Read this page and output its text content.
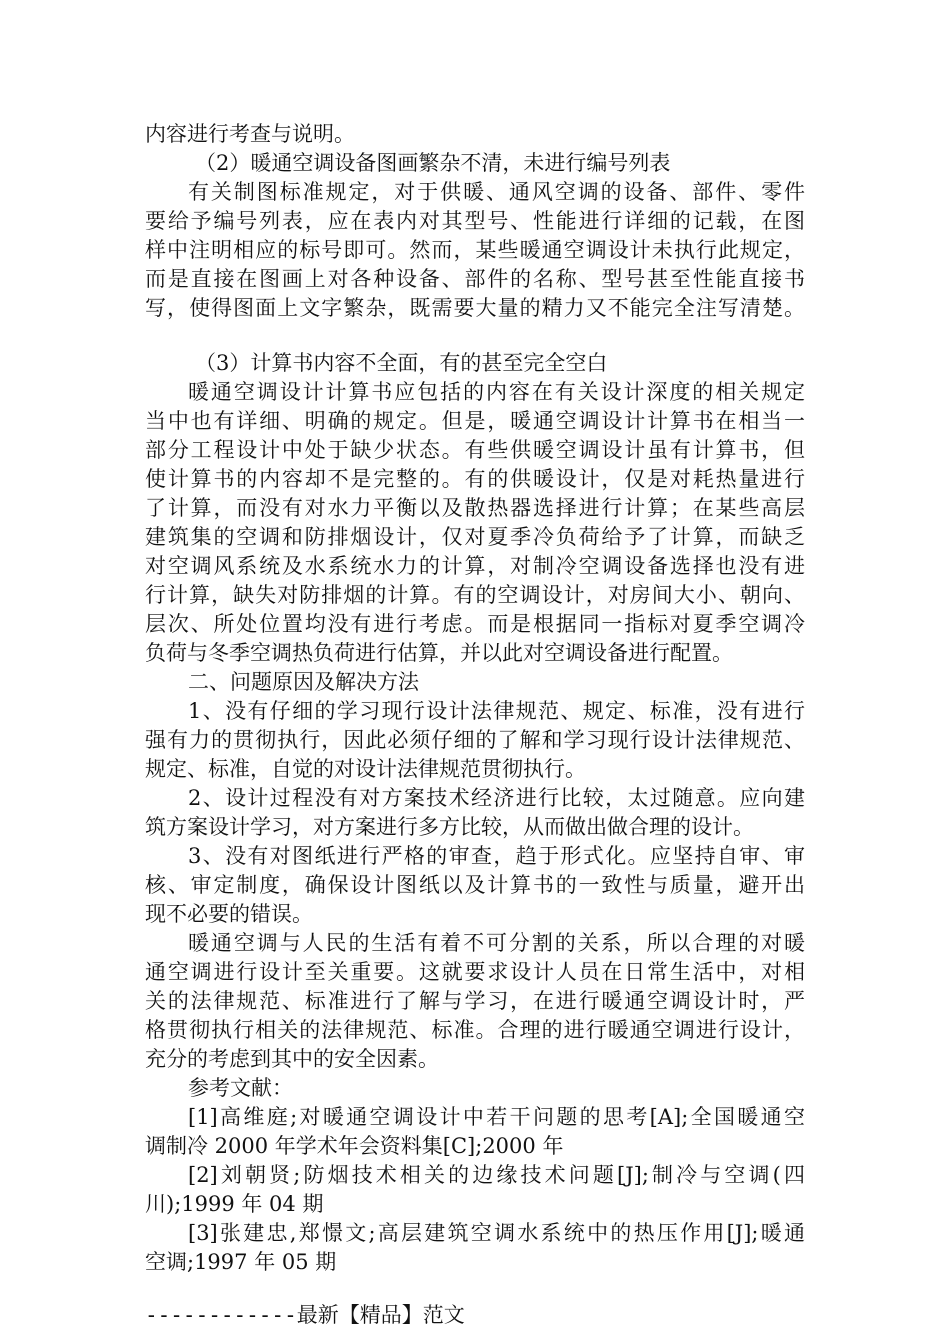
内容进行考查与说明。
（2）暖通空调设备图画繁杂不清，未进行编号列表
有关制图标准规定，对于供暖、通风空调的设备、部件、零件
要给予编号列表，应在表内对其型号、性能进行详细的记载，在图
样中注明相应的标号即可。然而，某些暖通空调设计未执行此规定，
而是直接在图画上对各种设备、部件的名称、型号甚至性能直接书
写，使得图面上文字繁杂，既需要大量的精力又不能完全注写清楚。
（3）计算书内容不全面，有的甚至完全空白
暖通空调设计计算书应包括的内容在有关设计深度的相关规定
当中也有详细、明确的规定。但是，暖通空调设计计算书在相当一
部分工程设计中处于缺少状态。有些供暖空调设计虽有计算书，但
使计算书的内容却不是完整的。有的供暖设计，仅是对耗热量进行
了计算，而没有对水力平衡以及散热器选择进行计算；在某些高层
建筑集的空调和防排烟设计，仅对夏季冷负荷给予了计算，而缺乏
对空调风系统及水系统水力的计算，对制冷空调设备选择也没有进
行计算，缺失对防排烟的计算。有的空调设计，对房间大小、朝向、
层次、所处位置均没有进行考虑。而是根据同一指标对夏季空调冷
负荷与冬季空调热负荷进行估算，并以此对空调设备进行配置。
二、问题原因及解决方法
1、没有仔细的学习现行设计法律规范、规定、标准，没有进行
强有力的贯彻执行，因此必须仔细的了解和学习现行设计法律规范、
规定、标准，自觉的对设计法律规范贯彻执行。
2、设计过程没有对方案技术经济进行比较，太过随意。应向建
筑方案设计学习，对方案进行多方比较，从而做出做合理的设计。
3、没有对图纸进行严格的审查，趋于形式化。应坚持自审、审
核、审定制度，确保设计图纸以及计算书的一致性与质量，避开出
现不必要的错误。
暖通空调与人民的生活有着不可分割的关系，所以合理的对暖
通空调进行设计至关重要。这就要求设计人员在日常生活中，对相
关的法律规范、标准进行了解与学习，在进行暖通空调设计时，严
格贯彻执行相关的法律规范、标准。合理的进行暖通空调进行设计，
充分的考虑到其中的安全因素。
参考文献：
[1]高维庭;对暖通空调设计中若干问题的思考[A];全国暖通空
调制冷 2000 年学术年会资料集[C];2000 年
[2]刘朝贤;防烟技术相关的边缘技术问题[J];制冷与空调(四
川);1999 年 04 期
[3]张建忠,郑憬文;高层建筑空调水系统中的热压作用[J];暖通
空调;1997 年 05 期
------------最新【精品】范文
